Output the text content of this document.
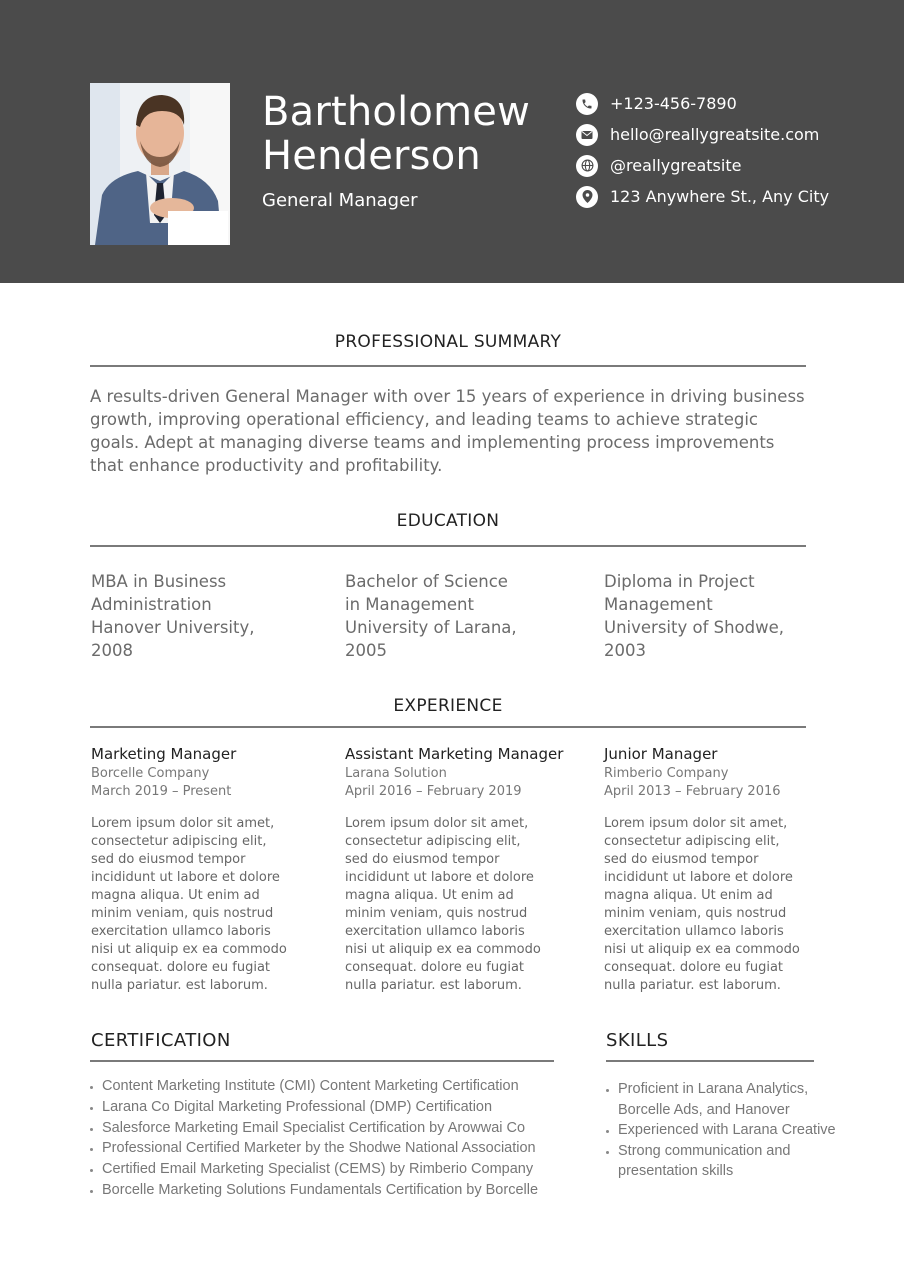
Bartholomew
Henderson
General Manager
+123-456-7890
hello@reallygreatsite.com
@reallygreatsite
123 Anywhere St., Any City
PROFESSIONAL SUMMARY
A results-driven General Manager with over 15 years of experience in driving business growth, improving operational efficiency, and leading teams to achieve strategic goals. Adept at managing diverse teams and implementing process improvements that enhance productivity and profitability.
EDUCATION
MBA in Business
Administration
Hanover University,
2008
Bachelor of Science
in Management
University of Larana,
2005
Diploma in Project
Management
University of Shodwe,
2003
EXPERIENCE
Marketing Manager
Borcelle Company
March 2019 – Present
Lorem ipsum dolor sit amet,
consectetur adipiscing elit,
sed do eiusmod tempor
incididunt ut labore et dolore
magna aliqua. Ut enim ad
minim veniam, quis nostrud
exercitation ullamco laboris
nisi ut aliquip ex ea commodo
consequat. dolore eu fugiat
nulla pariatur. est laborum.
Assistant Marketing Manager
Larana Solution
April 2016 – February 2019
Lorem ipsum dolor sit amet,
consectetur adipiscing elit,
sed do eiusmod tempor
incididunt ut labore et dolore
magna aliqua. Ut enim ad
minim veniam, quis nostrud
exercitation ullamco laboris
nisi ut aliquip ex ea commodo
consequat. dolore eu fugiat
nulla pariatur. est laborum.
Junior Manager
Rimberio Company
April 2013 – February 2016
Lorem ipsum dolor sit amet,
consectetur adipiscing elit,
sed do eiusmod tempor
incididunt ut labore et dolore
magna aliqua. Ut enim ad
minim veniam, quis nostrud
exercitation ullamco laboris
nisi ut aliquip ex ea commodo
consequat. dolore eu fugiat
nulla pariatur. est laborum.
CERTIFICATION
Content Marketing Institute (CMI) Content Marketing Certification
Larana Co Digital Marketing Professional (DMP) Certification
Salesforce Marketing Email Specialist Certification by Arowwai Co
Professional Certified Marketer by the Shodwe National Association
Certified Email Marketing Specialist (CEMS) by Rimberio Company
Borcelle Marketing Solutions Fundamentals Certification by Borcelle
SKILLS
Proficient in Larana Analytics,
Borcelle Ads, and Hanover
Experienced with Larana Creative
Strong communication and
presentation skills
